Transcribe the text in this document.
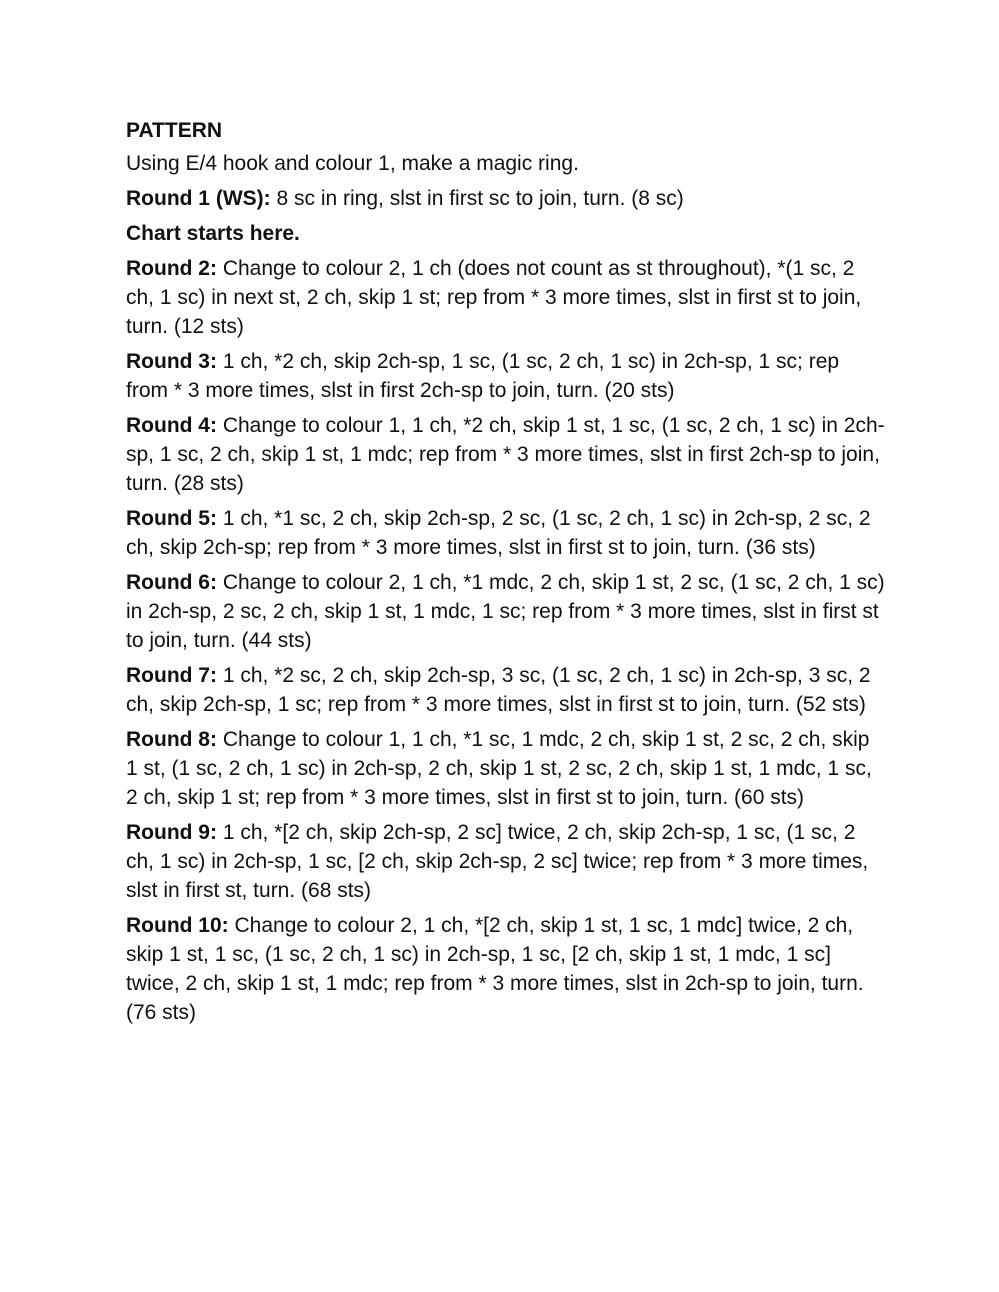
PATTERN
Using E/4 hook and colour 1, make a magic ring.
Round 1 (WS): 8 sc in ring, slst in first sc to join, turn. (8 sc)
Chart starts here.
Round 2: Change to colour 2, 1 ch (does not count as st throughout), *(1 sc, 2 ch, 1 sc) in next st, 2 ch, skip 1 st; rep from * 3 more times, slst in first st to join, turn. (12 sts)
Round 3: 1 ch, *2 ch, skip 2ch-sp, 1 sc, (1 sc, 2 ch, 1 sc) in 2ch-sp, 1 sc; rep from * 3 more times, slst in first 2ch-sp to join, turn. (20 sts)
Round 4: Change to colour 1, 1 ch, *2 ch, skip 1 st, 1 sc, (1 sc, 2 ch, 1 sc) in 2ch-sp, 1 sc, 2 ch, skip 1 st, 1 mdc; rep from * 3 more times, slst in first 2ch-sp to join, turn. (28 sts)
Round 5: 1 ch, *1 sc, 2 ch, skip 2ch-sp, 2 sc, (1 sc, 2 ch, 1 sc) in 2ch-sp, 2 sc, 2 ch, skip 2ch-sp; rep from * 3 more times, slst in first st to join, turn. (36 sts)
Round 6: Change to colour 2, 1 ch, *1 mdc, 2 ch, skip 1 st, 2 sc, (1 sc, 2 ch, 1 sc) in 2ch-sp, 2 sc, 2 ch, skip 1 st, 1 mdc, 1 sc; rep from * 3 more times, slst in first st to join, turn. (44 sts)
Round 7: 1 ch, *2 sc, 2 ch, skip 2ch-sp, 3 sc, (1 sc, 2 ch, 1 sc) in 2ch-sp, 3 sc, 2 ch, skip 2ch-sp, 1 sc; rep from * 3 more times, slst in first st to join, turn. (52 sts)
Round 8: Change to colour 1, 1 ch, *1 sc, 1 mdc, 2 ch, skip 1 st, 2 sc, 2 ch, skip 1 st, (1 sc, 2 ch, 1 sc) in 2ch-sp, 2 ch, skip 1 st, 2 sc, 2 ch, skip 1 st, 1 mdc, 1 sc, 2 ch, skip 1 st; rep from * 3 more times, slst in first st to join, turn. (60 sts)
Round 9: 1 ch, *[2 ch, skip 2ch-sp, 2 sc] twice, 2 ch, skip 2ch-sp, 1 sc, (1 sc, 2 ch, 1 sc) in 2ch-sp, 1 sc, [2 ch, skip 2ch-sp, 2 sc] twice; rep from * 3 more times, slst in first st, turn. (68 sts)
Round 10: Change to colour 2, 1 ch, *[2 ch, skip 1 st, 1 sc, 1 mdc] twice, 2 ch, skip 1 st, 1 sc, (1 sc, 2 ch, 1 sc) in 2ch-sp, 1 sc, [2 ch, skip 1 st, 1 mdc, 1 sc] twice, 2 ch, skip 1 st, 1 mdc; rep from * 3 more times, slst in 2ch-sp to join, turn. (76 sts)
